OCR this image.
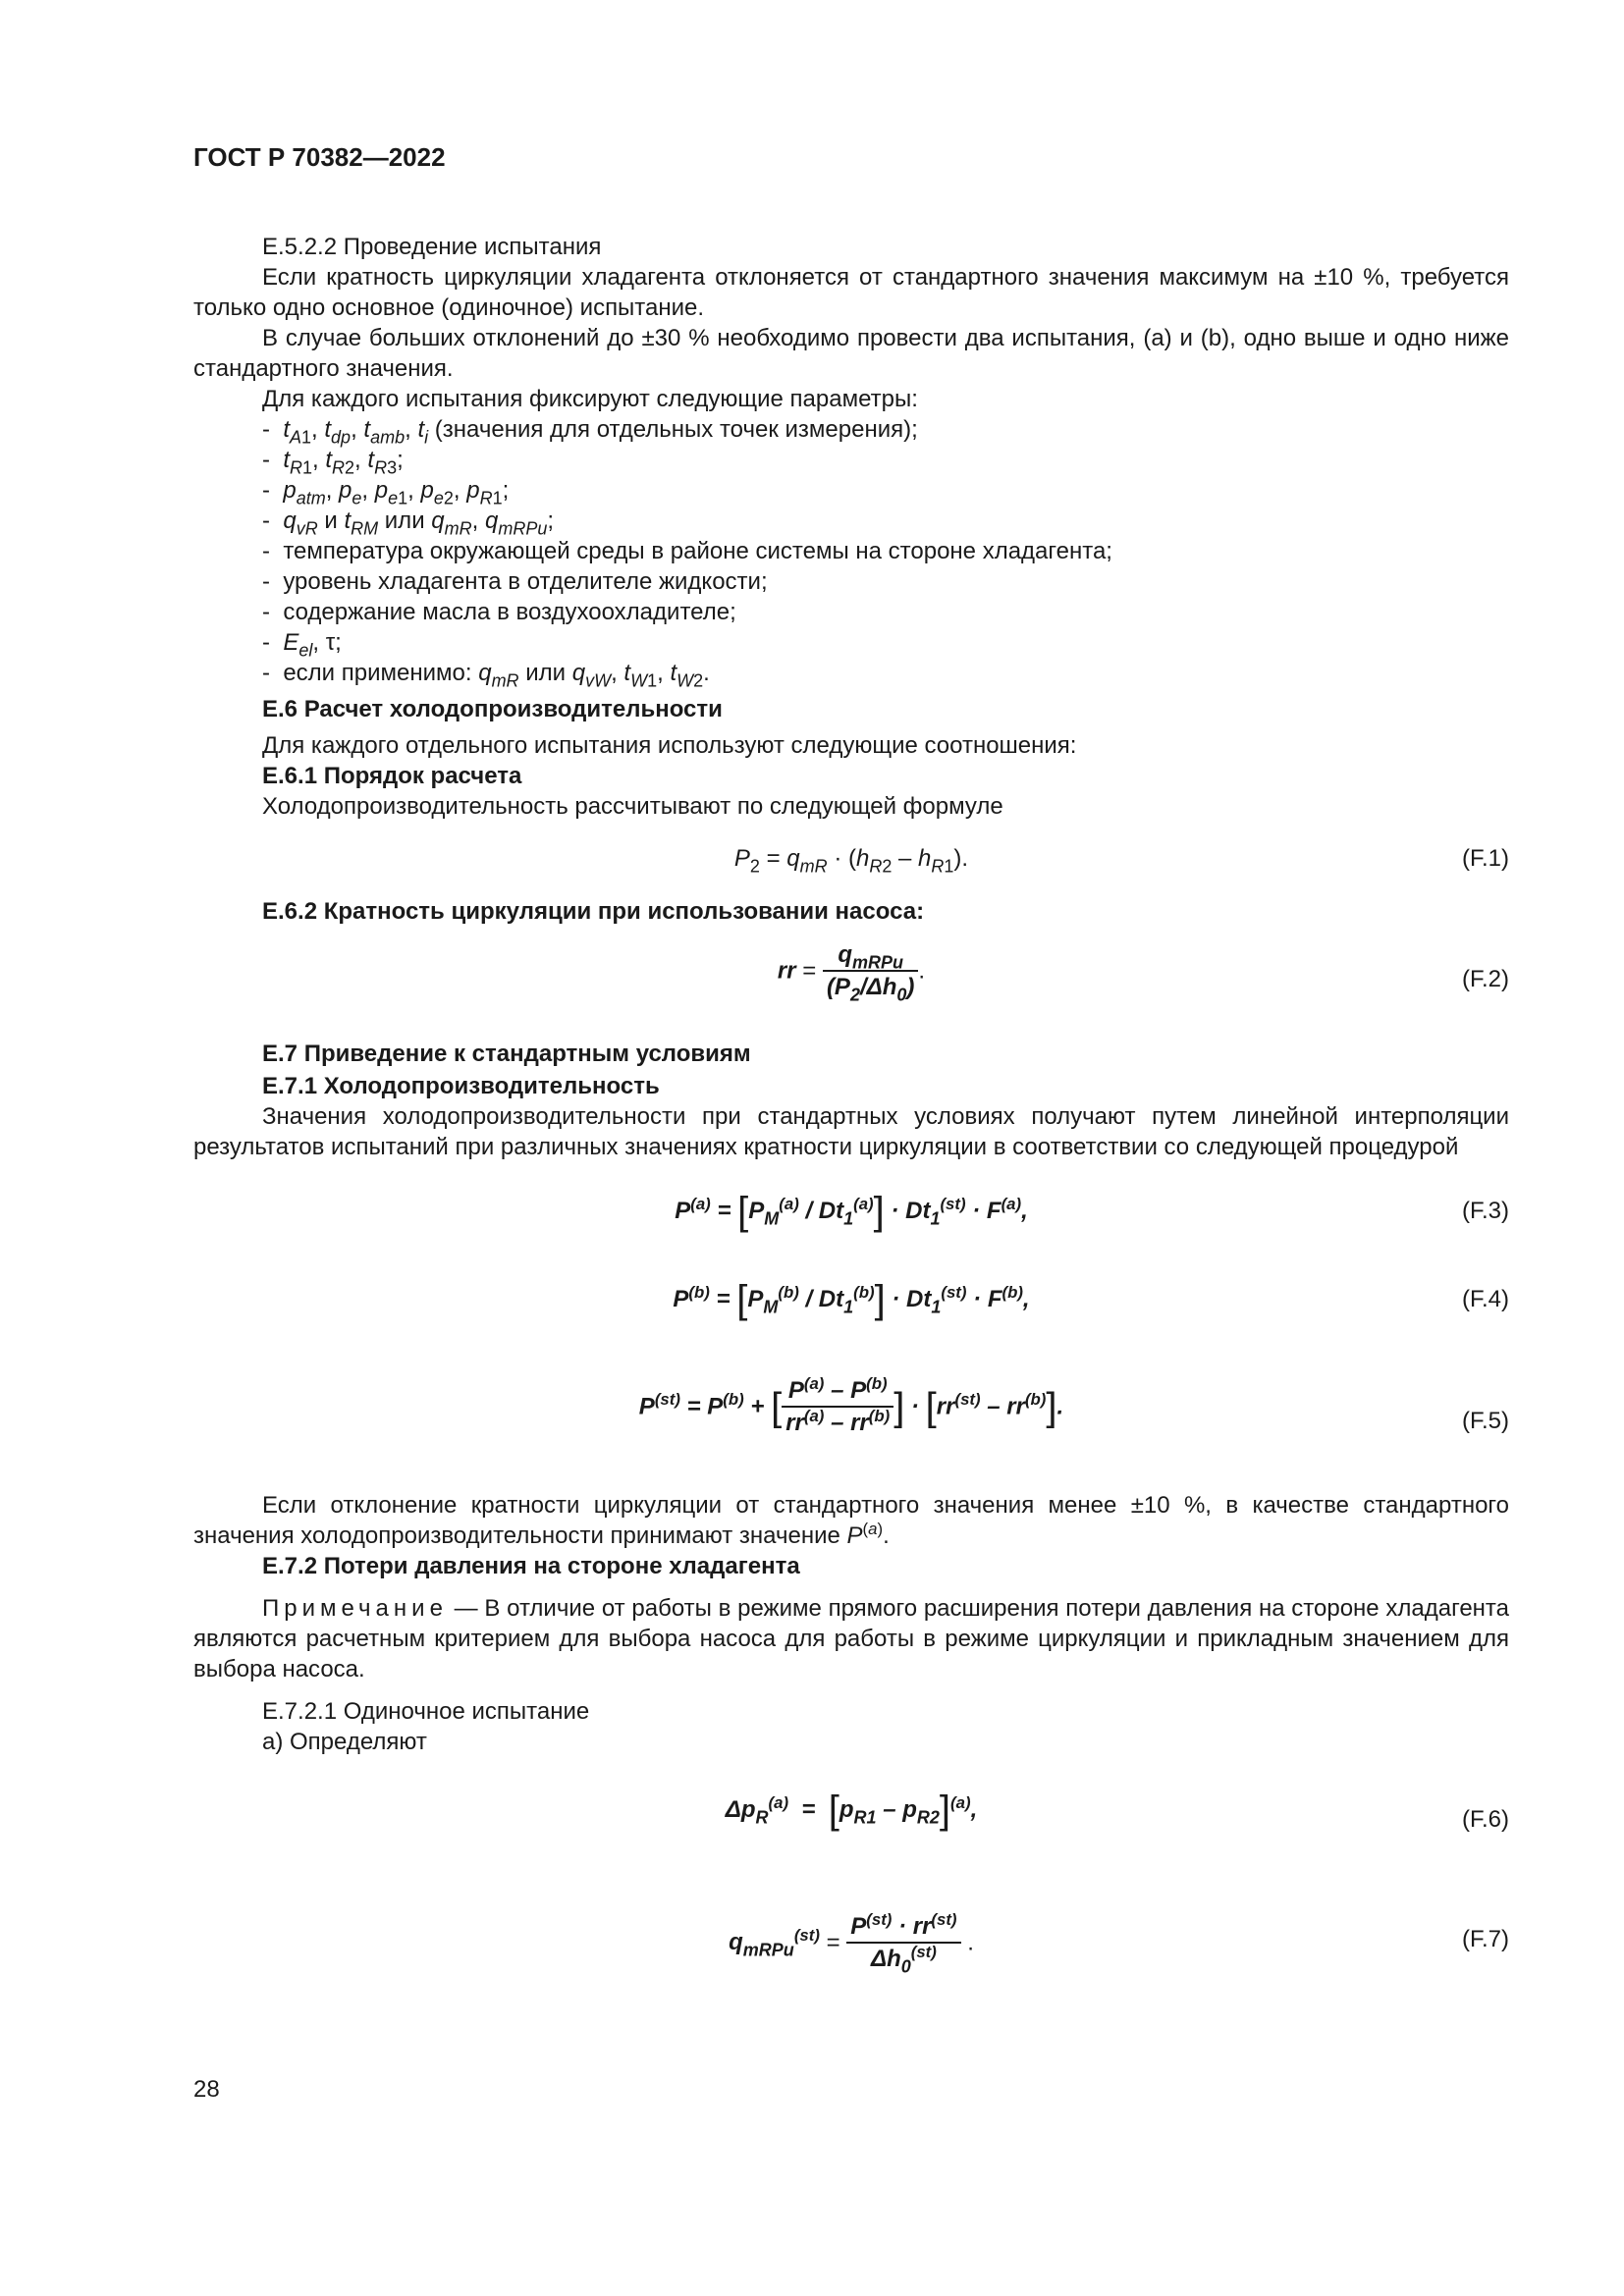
ГОСТ Р 70382—2022

Е.5.2.2 Проведение испытания

Если кратность циркуляции хладагента отклоняется от стандартного значения максимум на ±10 %, требуется только одно основное (одиночное) испытание.

В случае больших отклонений до ±30 % необходимо провести два испытания, (а) и (b), одно выше и одно ниже стандартного значения.

Для каждого испытания фиксируют следующие параметры:

-  $t_{A1}$, $t_{dp}$, $t_{amb}$, $t_i$ (значения для отдельных точек измерения);
-  $t_{R1}$, $t_{R2}$, $t_{R3}$;
-  $p_{atm}$, $p_e$, $p_{e1}$, $p_{e2}$, $p_{R1}$;
-  $q_{vR}$ и $t_{RM}$ или $q_{mR}$, $q_{mRPu}$;
-  температура окружающей среды в районе системы на стороне хладагента;
-  уровень хладагента в отделителе жидкости;
-  содержание масла в воздухоохладителе;
-  $E_{el}$, τ;
-  если применимо: $q_{mR}$ или $q_{vW}$, $t_{W1}$, $t_{W2}$.

Е.6 Расчет холодопроизводительности

Для каждого отдельного испытания используют следующие соотношения:

Е.6.1 Порядок расчета

Холодопроизводительность рассчитывают по следующей формуле

$P_2 = q_{mR} \cdot (h_{R2} - h_{R1})$.	(F.1)

Е.6.2 Кратность циркуляции при использовании насоса:

rr = $\frac{q_{mRPu}}{(P_2/\Delta h_0)}$ .	(F.2)

Е.7 Приведение к стандартным условиям

Е.7.1 Холодопроизводительность

Значения холодопроизводительности при стандартных условиях получают путем линейной интерполяции результатов испытаний при различных значениях кратности циркуляции в соответствии со следующей процедурой

$P^{(a)} = [P_M^{(a)} / Dt_1^{(a)}] \cdot Dt_1^{(st)} \cdot F^{(a)}$,	(F.3)
$P^{(b)} = [P_M^{(b)} / Dt_1^{(b)}] \cdot Dt_1^{(st)} \cdot F^{(b)}$,	(F.4)
$P^{(st)} = P^{(b)}$ + [ $\frac{P^{(a)} - P^{(b)}}{rr^{(a)} - rr^{(b)}}$ ] · $[rr^{(st)} - rr^{(b)}]$.
(F.5)

Если отклонение кратности циркуляции от стандартного значения менее ±10 %, в качестве стандартного значения холодопроизводительности принимают значение $P^{(a)}$.

Е.7.2 Потери давления на стороне хладагента

Примечание — В отличие от работы в режиме прямого расширения потери давления на стороне хладагента являются расчетным критерием для выбора насоса для работы в режиме циркуляции и прикладным значением для выбора насоса.

Е.7.2.1 Одиночное испытание

а) Определяют

$\Delta p_R^{(a)} = [p_{R1} - p_{R2}]^{(a)}$,	(F.6)
$q_{mRPu}^{(st)} = \frac{P^{(st)} \cdot rr^{(st)}}{\Delta h_0^{(st)}}$ .	(F.7)
28
